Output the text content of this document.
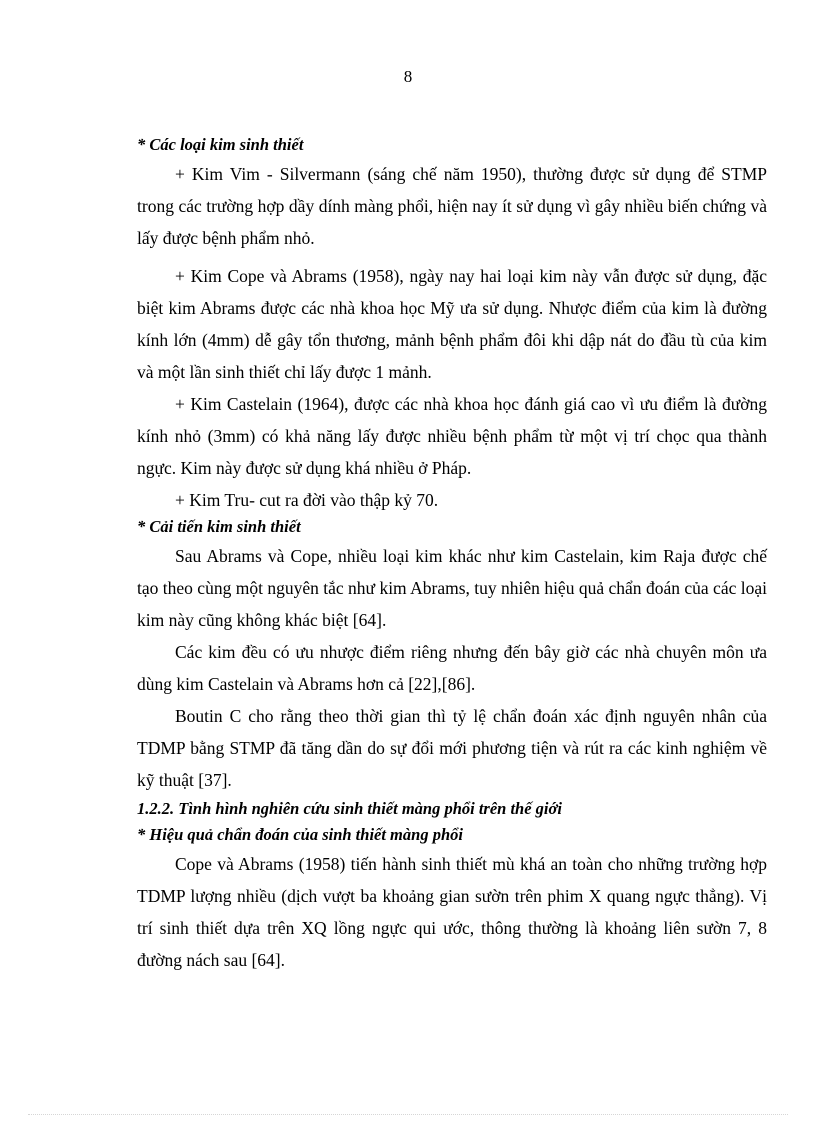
8
* Các loại kim sinh thiết

+ Kim Vim - Silvermann (sáng chế năm 1950), thường được sử dụng để STMP trong các trường hợp dầy dính màng phổi, hiện nay ít sử dụng vì gây nhiều biến chứng và lấy được bệnh phẩm nhỏ.

+ Kim Cope và Abrams (1958), ngày nay hai loại kim này vẫn được sử dụng, đặc biệt kim Abrams được các nhà khoa học Mỹ ưa sử dụng. Nhược điểm của kim là đường kính lớn (4mm) dễ gây tổn thương, mảnh bệnh phẩm đôi khi dập nát do đầu tù của kim và một lần sinh thiết chỉ lấy được 1 mảnh.

+ Kim Castelain (1964), được các nhà khoa học đánh giá cao vì ưu điểm là đường kính nhỏ (3mm) có khả năng lấy được nhiều bệnh phẩm từ một vị trí chọc qua thành ngực. Kim này được sử dụng khá nhiều ở Pháp.

+ Kim Tru- cut ra đời vào thập kỷ 70.

* Cải tiến kim sinh thiết

Sau Abrams và Cope, nhiều loại kim khác như kim Castelain, kim Raja được chế tạo theo cùng một nguyên tắc như kim Abrams, tuy nhiên hiệu quả chẩn đoán của các loại kim này cũng không khác biệt [64].

Các kim đều có ưu nhược điểm riêng nhưng đến bây giờ các nhà chuyên môn ưa dùng kim Castelain và Abrams hơn cả [22],[86].

Boutin C cho rằng theo thời gian thì tỷ lệ chẩn đoán xác định nguyên nhân của TDMP bằng STMP đã tăng dần do sự đổi mới phương tiện và rút ra các kinh nghiệm về kỹ thuật [37].

1.2.2. Tình hình nghiên cứu sinh thiết màng phổi trên thế giới
* Hiệu quả chẩn đoán của sinh thiết màng phổi

Cope và Abrams (1958) tiến hành sinh thiết mù khá an toàn cho những trường hợp TDMP lượng nhiều (dịch vượt ba khoảng gian sườn trên phim X quang ngực thẳng). Vị trí sinh thiết dựa trên XQ lồng ngực qui ước, thông thường là khoảng liên sườn 7, 8 đường nách sau [64].
